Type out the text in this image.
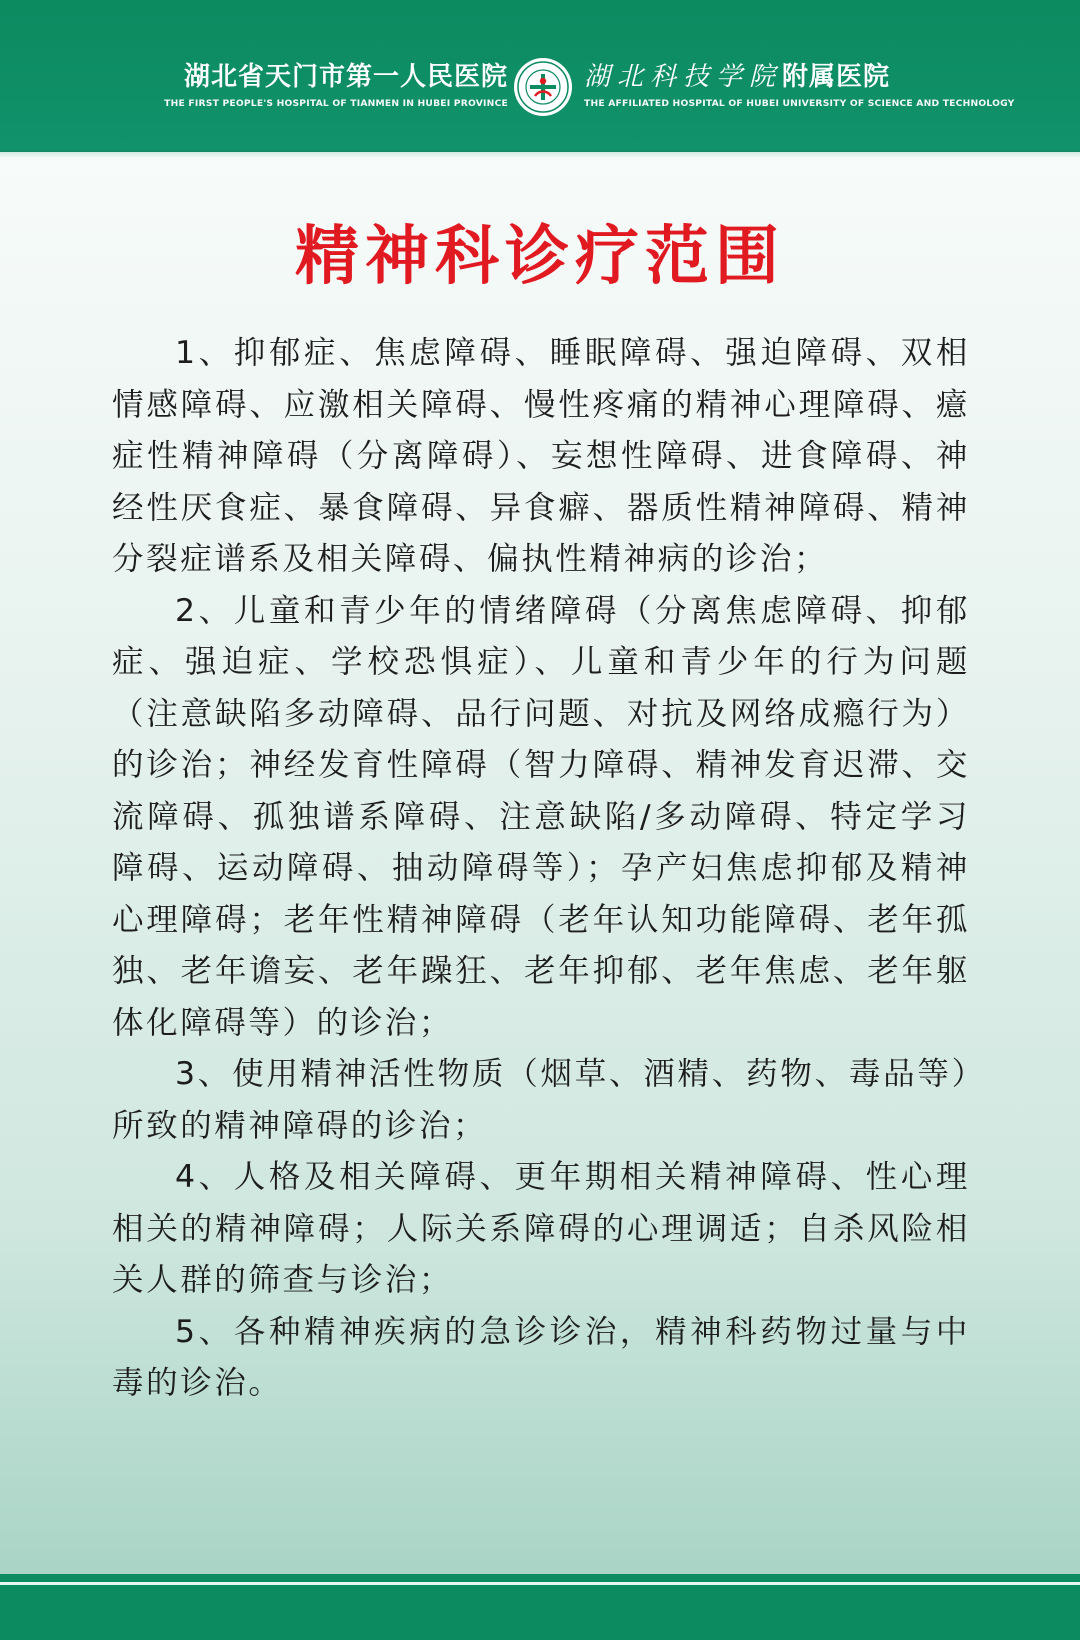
湖北省天门市第一人民医院
THE FIRST PEOPLE'S HOSPITAL OF TIANMEN IN HUBEI PROVINCE
湖北科技学院附属医院
THE AFFILIATED HOSPITAL OF HUBEI UNIVERSITY OF SCIENCE AND TECHNOLOGY
精神科诊疗范围

1、抑郁症、焦虑障碍、睡眠障碍、强迫障碍、双相情感障碍、应激相关障碍、慢性疼痛的精神心理障碍、癔症性精神障碍（分离障碍）、妄想性障碍、进食障碍、神经性厌食症、暴食障碍、异食癖、器质性精神障碍、精神分裂症谱系及相关障碍、偏执性精神病的诊治；

2、儿童和青少年的情绪障碍（分离焦虑障碍、抑郁症、强迫症、学校恐惧症）、儿童和青少年的行为问题（注意缺陷多动障碍、品行问题、对抗及网络成瘾行为）的诊治；神经发育性障碍（智力障碍、精神发育迟滞、交流障碍、孤独谱系障碍、注意缺陷/多动障碍、特定学习障碍、运动障碍、抽动障碍等）；孕产妇焦虑抑郁及精神心理障碍；老年性精神障碍（老年认知功能障碍、老年孤独、老年谵妄、老年躁狂、老年抑郁、老年焦虑、老年躯体化障碍等）的诊治；

3、使用精神活性物质（烟草、酒精、药物、毒品等）所致的精神障碍的诊治；

4、人格及相关障碍、更年期相关精神障碍、性心理相关的精神障碍；人际关系障碍的心理调适；自杀风险相关人群的筛查与诊治；

5、各种精神疾病的急诊诊治，精神科药物过量与中毒的诊治。
